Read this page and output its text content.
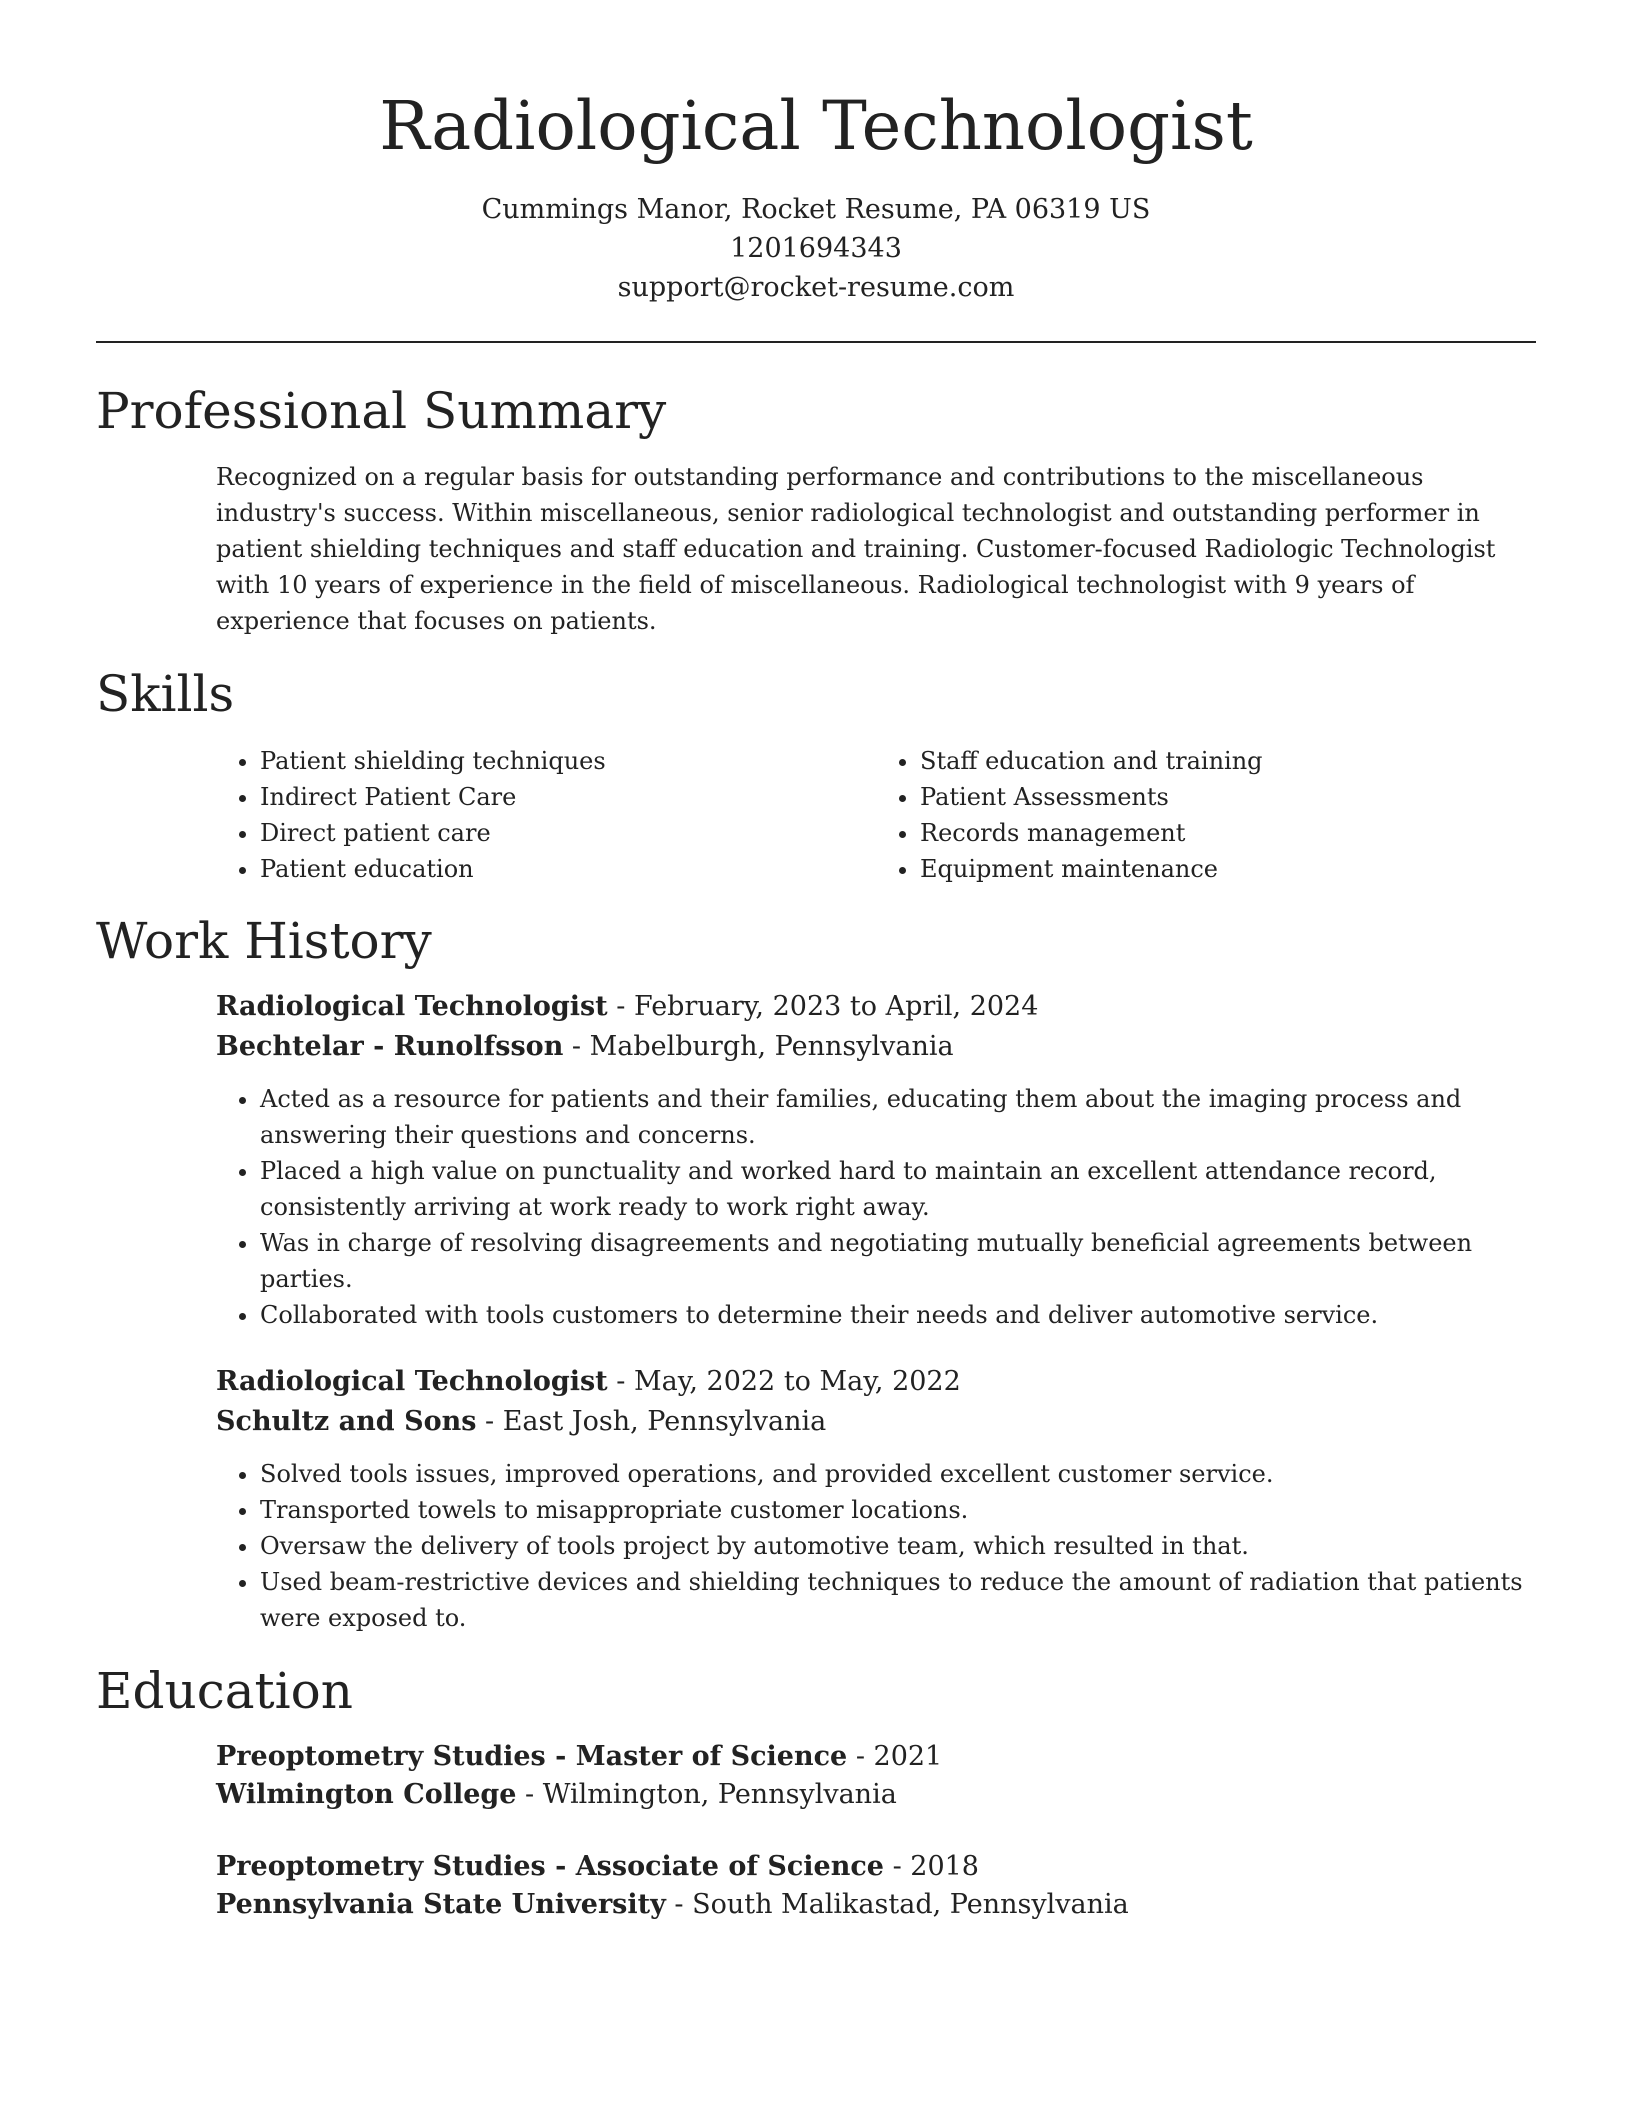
Radiological Technologist
Cummings Manor, Rocket Resume, PA 06319 US
1201694343
support@rocket-resume.com
Professional Summary

Recognized on a regular basis for outstanding performance and contributions to the miscellaneous industry's success. Within miscellaneous, senior radiological technologist and outstanding performer in patient shielding techniques and staff education and training. Customer-focused Radiologic Technologist with 10 years of experience in the field of miscellaneous. Radiological technologist with 9 years of experience that focuses on patients.

Skills
• Patient shielding techniques
• Indirect Patient Care
• Direct patient care
• Patient education
• Staff education and training
• Patient Assessments
• Records management
• Equipment maintenance
Work History
Radiological Technologist - February, 2023 to April, 2024
Bechtelar - Runolfsson - Mabelburgh, Pennsylvania
• Acted as a resource for patients and their families, educating them about the imaging process and answering their questions and concerns.
• Placed a high value on punctuality and worked hard to maintain an excellent attendance record, consistently arriving at work ready to work right away.
• Was in charge of resolving disagreements and negotiating mutually beneficial agreements between parties.
• Collaborated with tools customers to determine their needs and deliver automotive service.
Radiological Technologist - May, 2022 to May, 2022
Schultz and Sons - East Josh, Pennsylvania
• Solved tools issues, improved operations, and provided excellent customer service.
• Transported towels to misappropriate customer locations.
• Oversaw the delivery of tools project by automotive team, which resulted in that.
• Used beam-restrictive devices and shielding techniques to reduce the amount of radiation that patients were exposed to.
Education
Preoptometry Studies - Master of Science - 2021
Wilmington College - Wilmington, Pennsylvania
Preoptometry Studies - Associate of Science - 2018
Pennsylvania State University - South Malikastad, Pennsylvania
